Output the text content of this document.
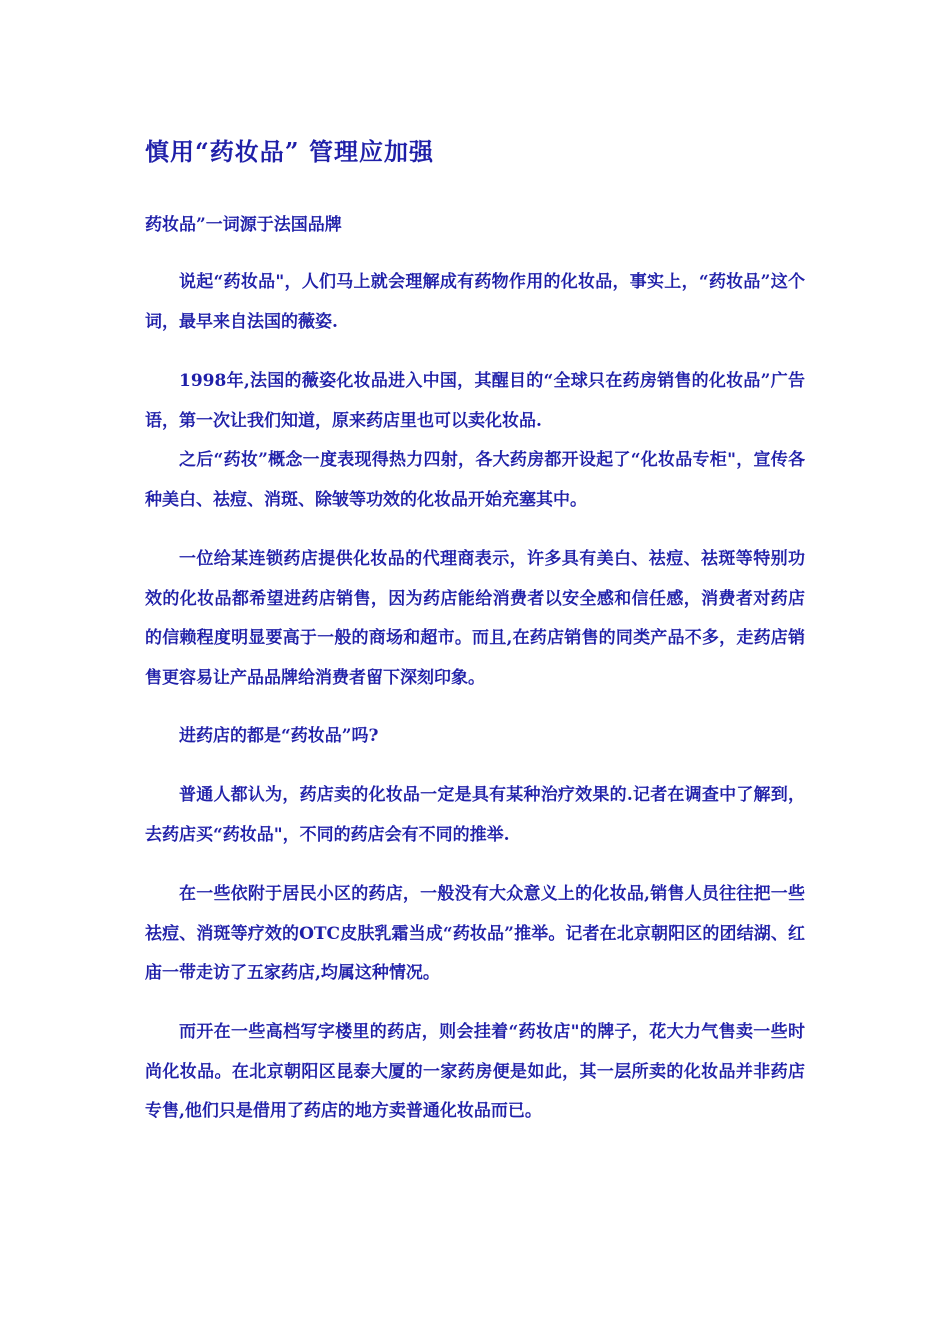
慎用“药妆品” 管理应加强
药妆品”一词源于法国品牌

说起“药妆品"，人们马上就会理解成有药物作用的化妆品，事实上，“药妆品”这个词，最早来自法国的薇姿.

1998年,法国的薇姿化妆品进入中国，其醒目的“全球只在药房销售的化妆品”广告语，第一次让我们知道，原来药店里也可以卖化妆品.

之后“药妆”概念一度表现得热力四射，各大药房都开设起了“化妆品专柜"，宣传各种美白、祛痘、消斑、除皱等功效的化妆品开始充塞其中。

一位给某连锁药店提供化妆品的代理商表示，许多具有美白、祛痘、祛斑等特别功效的化妆品都希望进药店销售，因为药店能给消费者以安全感和信任感，消费者对药店的信赖程度明显要高于一般的商场和超市。而且,在药店销售的同类产品不多，走药店销售更容易让产品品牌给消费者留下深刻印象。

进药店的都是“药妆品”吗?

普通人都认为，药店卖的化妆品一定是具有某种治疗效果的.记者在调查中了解到，去药店买“药妆品"，不同的药店会有不同的推举.

在一些依附于居民小区的药店，一般没有大众意义上的化妆品,销售人员往往把一些祛痘、消斑等疗效的OTC皮肤乳霜当成“药妆品”推举。记者在北京朝阳区的团结湖、红庙一带走访了五家药店,均属这种情况。

而开在一些高档写字楼里的药店，则会挂着“药妆店"的牌子，花大力气售卖一些时尚化妆品。在北京朝阳区昆泰大厦的一家药房便是如此，其一层所卖的化妆品并非药店专售,他们只是借用了药店的地方卖普通化妆品而已。
